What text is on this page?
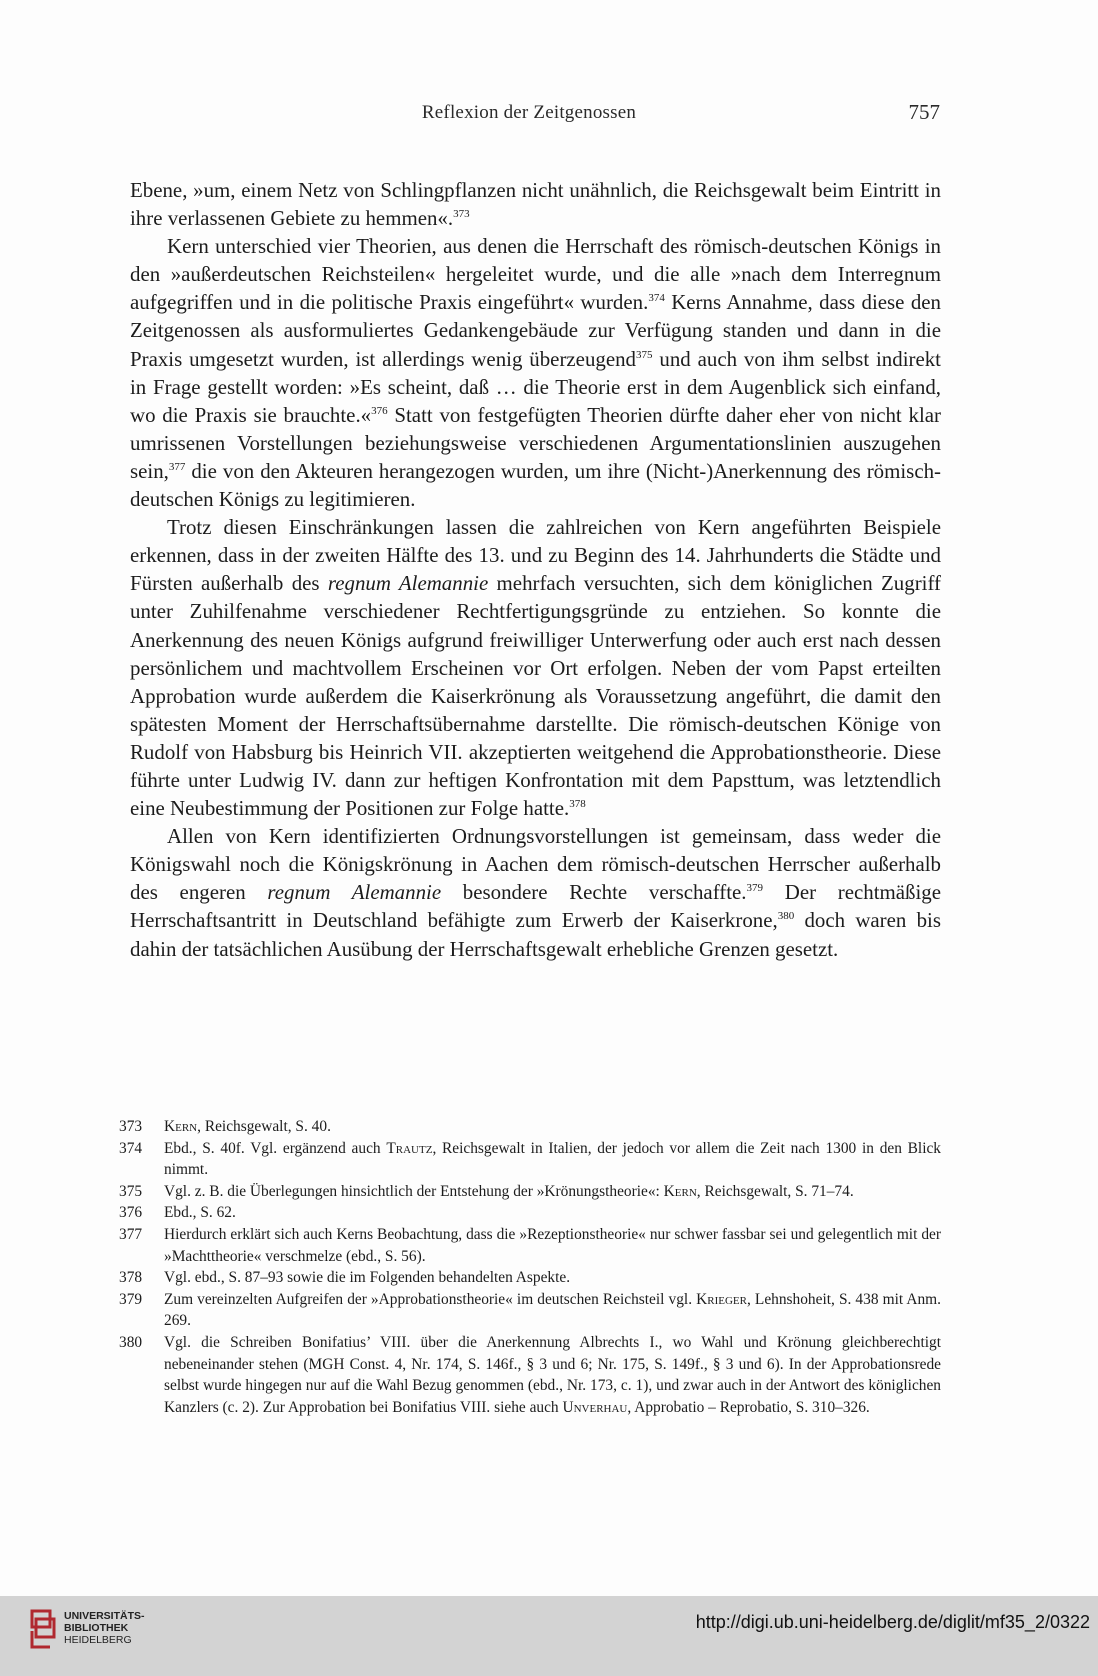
Reflexion der Zeitgenossen	757

Ebene, »um, einem Netz von Schlingpflanzen nicht unähnlich, die Reichsgewalt beim Eintritt in ihre verlassenen Gebiete zu hemmen«.$^{373}$

Kern unterschied vier Theorien, aus denen die Herrschaft des römisch-deutschen Königs in den »außerdeutschen Reichsteilen« hergeleitet wurde, und die alle »nach dem Interregnum aufgegriffen und in die politische Praxis eingeführt« wurden.$^{374}$ Kerns Annahme, dass diese den Zeitgenossen als ausformuliertes Gedankengebäude zur Verfügung standen und dann in die Praxis umgesetzt wurden, ist allerdings wenig überzeugend$^{375}$ und auch von ihm selbst indirekt in Frage gestellt worden: »Es scheint, daß … die Theorie erst in dem Augenblick sich einfand, wo die Praxis sie brauchte.«$^{376}$ Statt von festgefügten Theorien dürfte daher eher von nicht klar umrissenen Vorstellungen beziehungsweise verschiedenen Argumentationslinien auszugehen sein,$^{377}$ die von den Akteuren herangezogen wurden, um ihre (Nicht-)Anerkennung des römisch-deutschen Königs zu legitimieren.

Trotz diesen Einschränkungen lassen die zahlreichen von Kern angeführten Beispiele erkennen, dass in der zweiten Hälfte des 13. und zu Beginn des 14. Jahrhunderts die Städte und Fürsten außerhalb des regnum Alemannie mehrfach versuchten, sich dem königlichen Zugriff unter Zuhilfenahme verschiedener Rechtfertigungsgründe zu entziehen. So konnte die Anerkennung des neuen Königs aufgrund freiwilliger Unterwerfung oder auch erst nach dessen persönlichem und machtvollem Erscheinen vor Ort erfolgen. Neben der vom Papst erteilten Approbation wurde außerdem die Kaiserkrönung als Voraussetzung angeführt, die damit den spätesten Moment der Herrschaftsübernahme darstellte. Die römisch-deutschen Könige von Rudolf von Habsburg bis Heinrich VII. akzeptierten weitgehend die Approbationstheorie. Diese führte unter Ludwig IV. dann zur heftigen Konfrontation mit dem Papsttum, was letztendlich eine Neubestimmung der Positionen zur Folge hatte.$^{378}$

Allen von Kern identifizierten Ordnungsvorstellungen ist gemeinsam, dass weder die Königswahl noch die Königskrönung in Aachen dem römisch-deutschen Herrscher außerhalb des engeren regnum Alemannie besondere Rechte verschaffte.$^{379}$ Der rechtmäßige Herrschaftsantritt in Deutschland befähigte zum Erwerb der Kaiserkrone,$^{380}$ doch waren bis dahin der tatsächlichen Ausübung der Herrschaftsgewalt erhebliche Grenzen gesetzt.

373	Kern, Reichsgewalt, S. 40.
374	Ebd., S. 40f. Vgl. ergänzend auch Trautz, Reichsgewalt in Italien, der jedoch vor allem die Zeit nach 1300 in den Blick nimmt.
375	Vgl. z. B. die Überlegungen hinsichtlich der Entstehung der »Krönungstheorie«: Kern, Reichsgewalt, S. 71–74.
376	Ebd., S. 62.
377	Hierdurch erklärt sich auch Kerns Beobachtung, dass die »Rezeptionstheorie« nur schwer fassbar sei und gelegentlich mit der »Machttheorie« verschmelze (ebd., S. 56).
378	Vgl. ebd., S. 87–93 sowie die im Folgenden behandelten Aspekte.
379	Zum vereinzelten Aufgreifen der »Approbationstheorie« im deutschen Reichsteil vgl. Krieger, Lehnshoheit, S. 438 mit Anm. 269.
380	Vgl. die Schreiben Bonifatius’ VIII. über die Anerkennung Albrechts I., wo Wahl und Krönung gleichberechtigt nebeneinander stehen (MGH Const. 4, Nr. 174, S. 146f., § 3 und 6; Nr. 175, S. 149f., § 3 und 6). In der Approbationsrede selbst wurde hingegen nur auf die Wahl Bezug genommen (ebd., Nr. 173, c. 1), und zwar auch in der Antwort des königlichen Kanzlers (c. 2). Zur Approbation bei Bonifatius VIII. siehe auch Unverhau, Approbatio – Reprobatio, S. 310–326.
UNIVERSITÄTS-
BIBLIOTHEK
HEIDELBERG
http://digi.ub.uni-heidelberg.de/diglit/mf35_2/0322
